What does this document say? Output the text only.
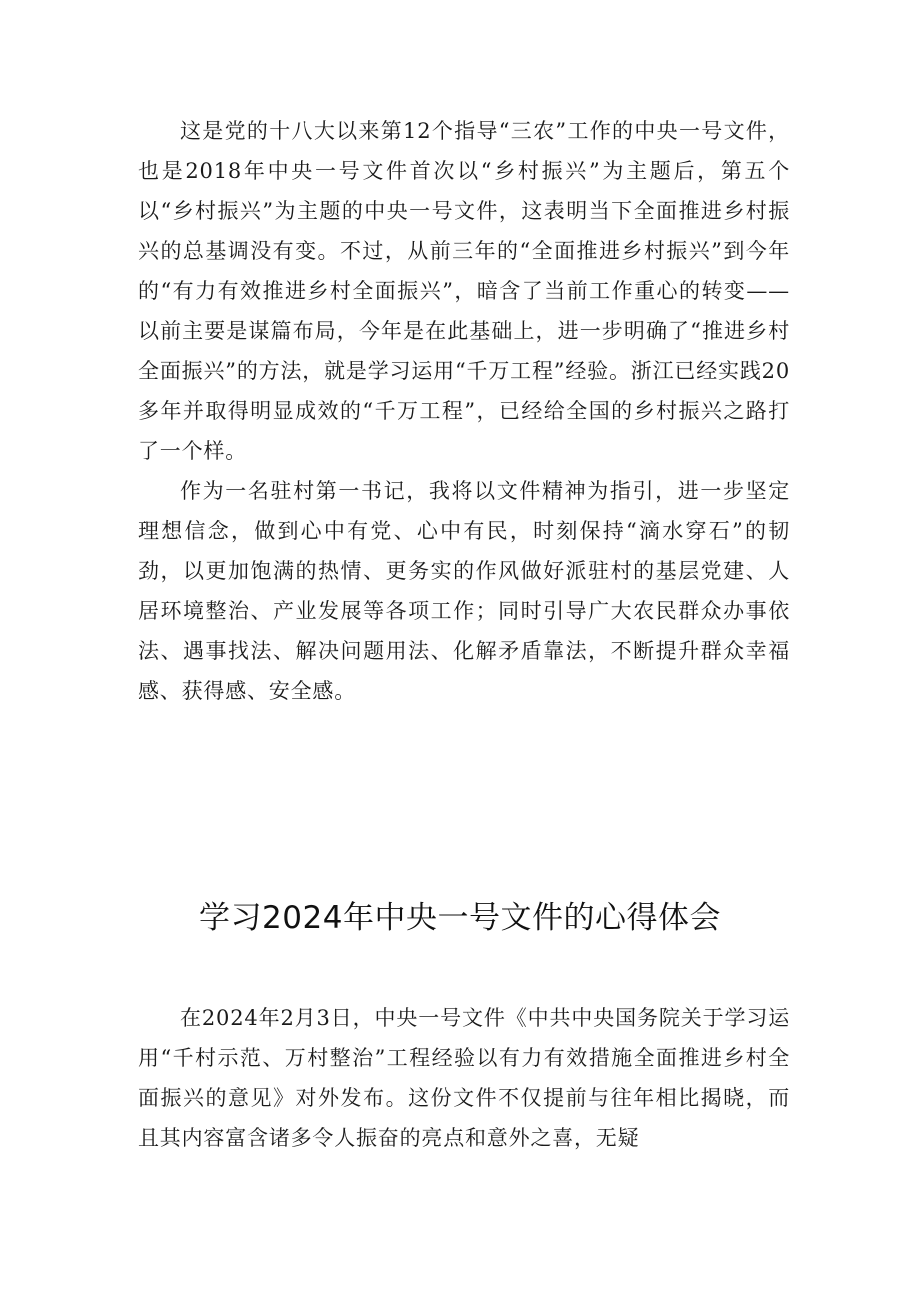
这是党的十八大以来第12个指导“三农”工作的中央一号文件，也是2018年中央一号文件首次以“乡村振兴”为主题后，第五个以“乡村振兴”为主题的中央一号文件，这表明当下全面推进乡村振兴的总基调没有变。不过，从前三年的“全面推进乡村振兴”到今年的“有力有效推进乡村全面振兴”，暗含了当前工作重心的转变——以前主要是谋篇布局，今年是在此基础上，进一步明确了“推进乡村全面振兴”的方法，就是学习运用“千万工程”经验。浙江已经实践20多年并取得明显成效的“千万工程”，已经给全国的乡村振兴之路打了一个样。

作为一名驻村第一书记，我将以文件精神为指引，进一步坚定理想信念，做到心中有党、心中有民，时刻保持“滴水穿石”的韧劲，以更加饱满的热情、更务实的作风做好派驻村的基层党建、人居环境整治、产业发展等各项工作；同时引导广大农民群众办事依法、遇事找法、解决问题用法、化解矛盾靠法，不断提升群众幸福感、获得感、安全感。

学习2024年中央一号文件的心得体会

在2024年2月3日，中央一号文件《中共中央国务院关于学习运用“千村示范、万村整治”工程经验以有力有效措施全面推进乡村全面振兴的意见》对外发布。这份文件不仅提前与往年相比揭晓，而且其内容富含诸多令人振奋的亮点和意外之喜，无疑
